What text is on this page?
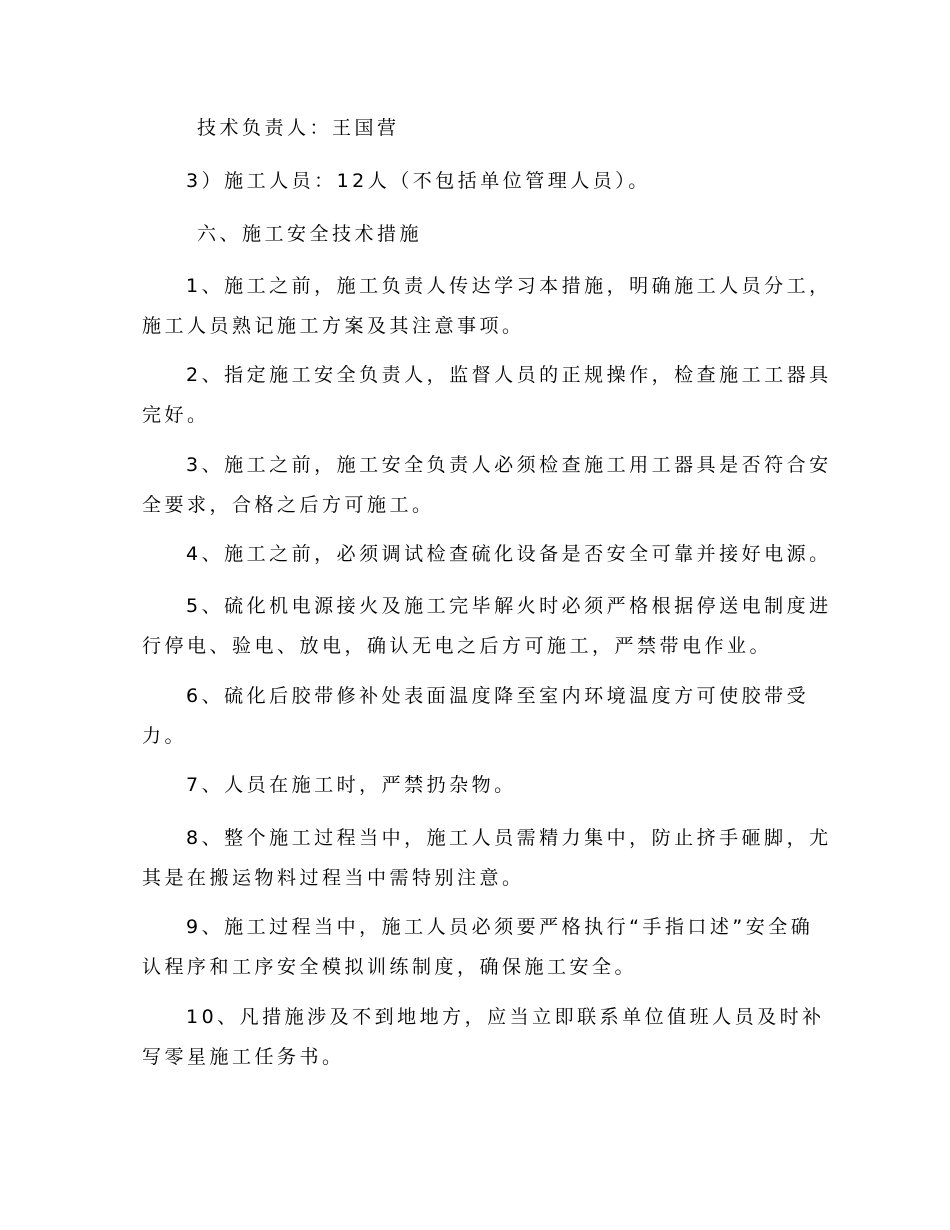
技术负责人：王国营
3）施工人员：12人（不包括单位管理人员）。
六、施工安全技术措施
1、施工之前，施工负责人传达学习本措施，明确施工人员分工，
施工人员熟记施工方案及其注意事项。
2、指定施工安全负责人，监督人员的正规操作，检查施工工器具
完好。
3、施工之前，施工安全负责人必须检查施工用工器具是否符合安
全要求，合格之后方可施工。
4、施工之前，必须调试检查硫化设备是否安全可靠并接好电源。
5、硫化机电源接火及施工完毕解火时必须严格根据停送电制度进
行停电、验电、放电，确认无电之后方可施工，严禁带电作业。
6、硫化后胶带修补处表面温度降至室内环境温度方可使胶带受
力。
7、人员在施工时，严禁扔杂物。
8、整个施工过程当中，施工人员需精力集中，防止挤手砸脚，尤
其是在搬运物料过程当中需特别注意。
9、施工过程当中，施工人员必须要严格执行“手指口述”安全确
认程序和工序安全模拟训练制度，确保施工安全。
10、凡措施涉及不到地地方，应当立即联系单位值班人员及时补
写零星施工任务书。
